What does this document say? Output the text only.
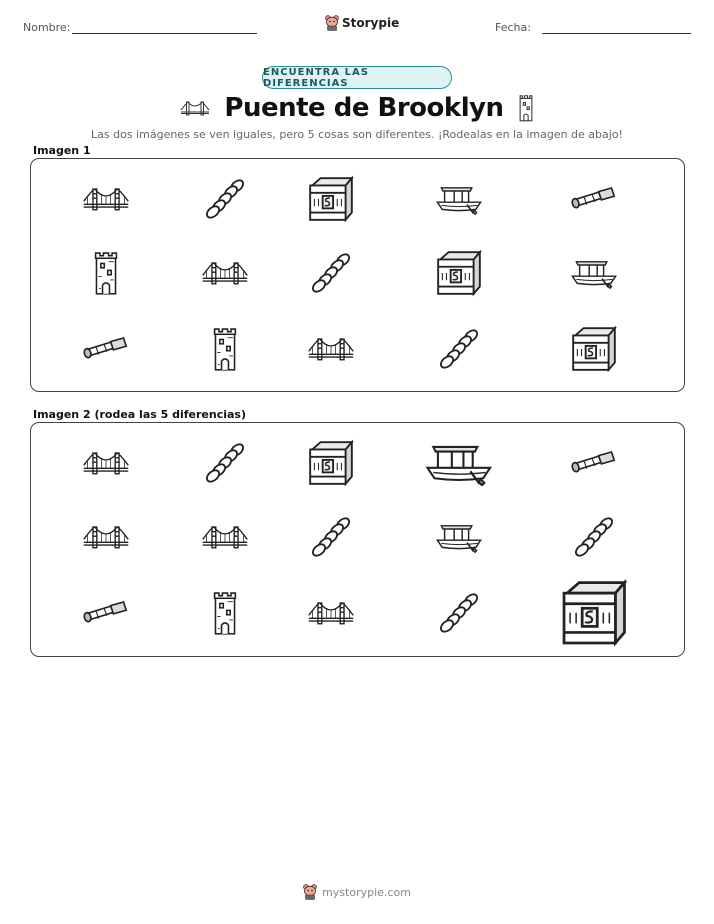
Nombre:	Storypie	Fecha:
ENCUENTRA LAS DIFERENCIAS
Puente de Brooklyn
Las dos imágenes se ven iguales, pero 5 cosas son diferentes. ¡Rodealas en la imagen de abajo!
Imagen 1
Imagen 2 (rodea las 5 diferencias)
mystorypie.com
